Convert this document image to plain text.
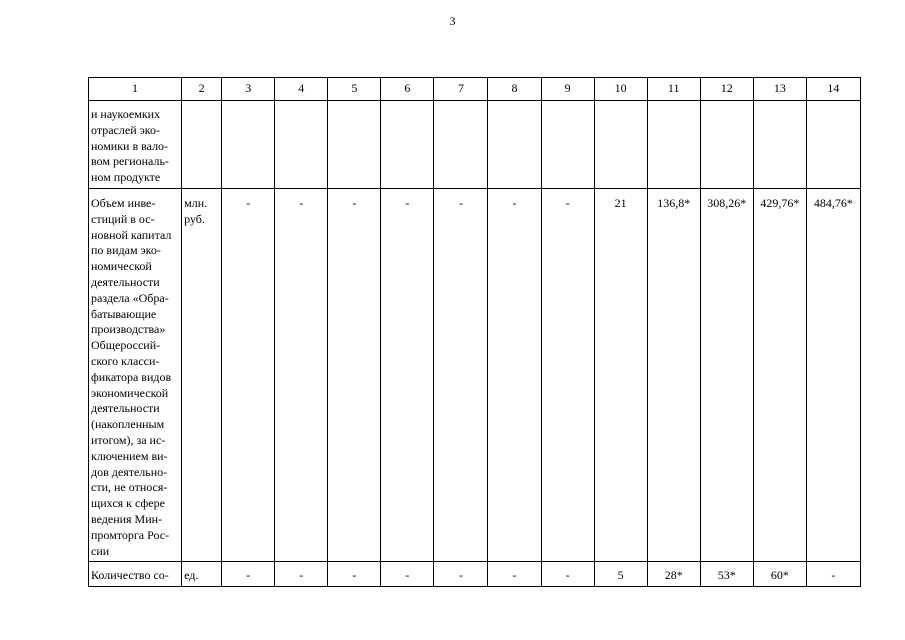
3
1	2	3	4	5	6	7	8	9	10	11	12	13	14
и наукоемких отраслей эко-номики в вало-вом региональ-ном продукте													
Объем инве-стиций в ос-новной капитал по видам эко-номической деятельности раздела «Обра-батывающие производства» Общероссий-ского класси-фикатора видов экономической деятельности (накопленным итогом), за ис-ключением ви-дов деятельно-сти, не относя-щихся к сфере ведения Мин-промторга Рос-сии	млн. руб.	-	-	-	-	-	-	-	21	136,8*	308,26*	429,76*	484,76*
Количество со-	ед.	-	-	-	-	-	-	-	5	28*	53*	60*	-
